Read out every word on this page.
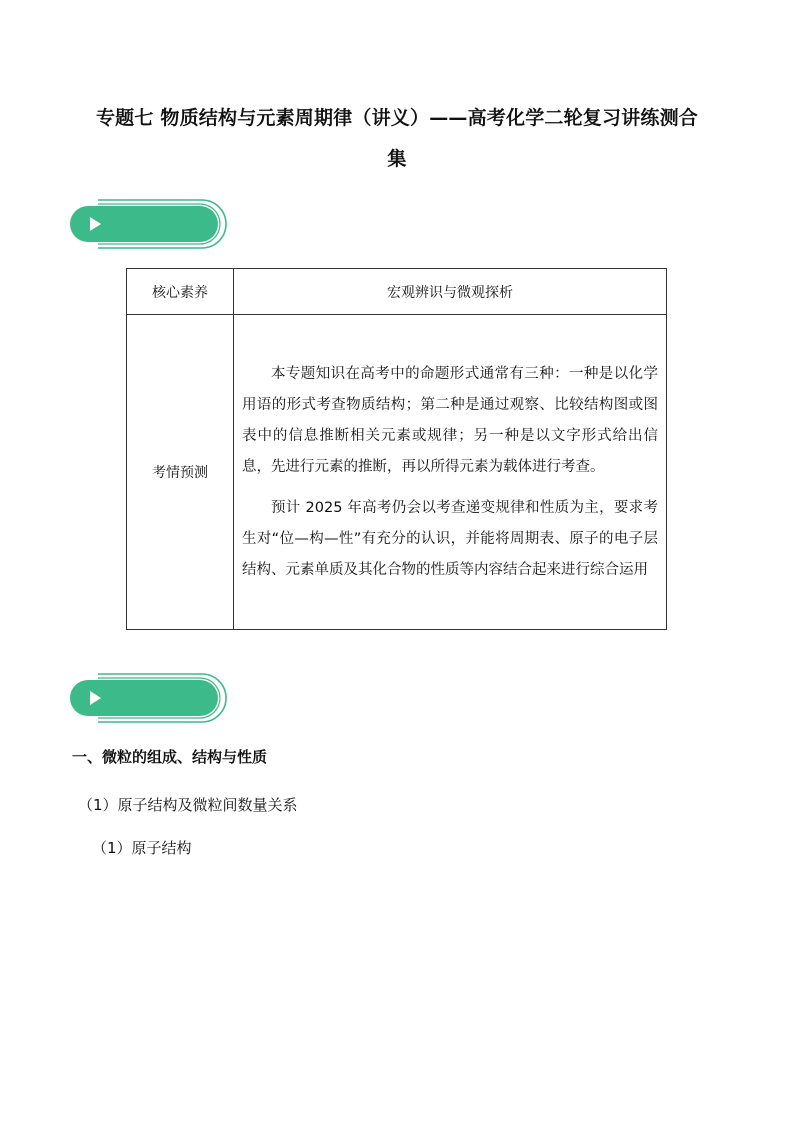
专题七 物质结构与元素周期律（讲义）——高考化学二轮复习讲练测合
集
核心素养	宏观辨识与微观探析
考情预测	本专题知识在高考中的命题形式通常有三种：一种是以化学用语的形式考查物质结构；第二种是通过观察、比较结构图或图表中的信息推断相关元素或规律；另一种是以文字形式给出信息，先进行元素的推断，再以所得元素为载体进行考查。

预计 2025 年高考仍会以考查递变规律和性质为主，要求考生对“位—构—性”有充分的认识，并能将周期表、原子的电子层结构、元素单质及其化合物的性质等内容结合起来进行综合运用

一、微粒的组成、结构与性质
（1）原子结构及微粒间数量关系
（1）原子结构
